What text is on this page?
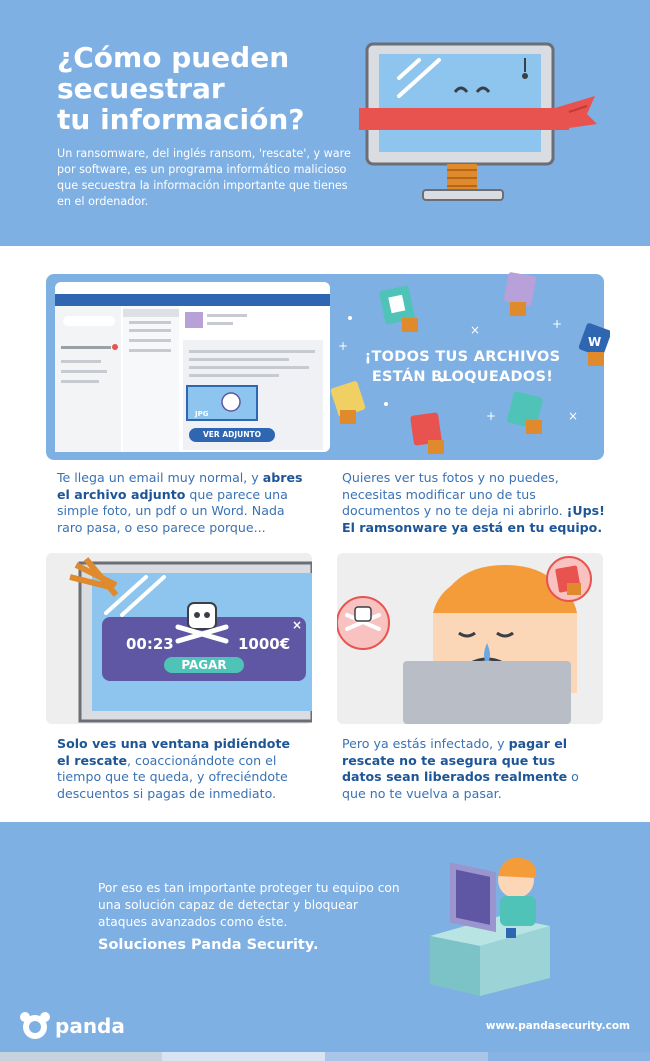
¿Cómo pueden
secuestrar
tu información?
Un ransomware, del inglés ransom, 'rescate', y ware por software, es un programa informático malicioso que secuestra la información importante que tienes en el ordenador.
JPG
VER ADJUNTO
W
×
×
+
+
+
¡TODOS TUS ARCHIVOS
ESTÁN BLOQUEADOS!
Te llega un email muy normal, y abres el archivo adjunto que parece una simple foto, un pdf o un Word. Nada raro pasa, o eso parece porque...
Quieres ver tus fotos y no puedes, necesitas modificar uno de tus documentos y no te deja ni abrirlo. ¡Ups! El ramsonware ya está en tu equipo.
00:23	1000€
×
PAGAR
Solo ves una ventana pidiéndote el rescate, coaccionándote con el tiempo que te queda, y ofreciéndote descuentos si pagas de inmediato.
Pero ya estás infectado, y pagar el rescate no te asegura que tus datos sean liberados realmente o que no te vuelva a pasar.
Por eso es tan importante proteger tu equipo con una solución capaz de detectar y bloquear ataques avanzados como éste.
Soluciones Panda Security.
panda	www.pandasecurity.com
